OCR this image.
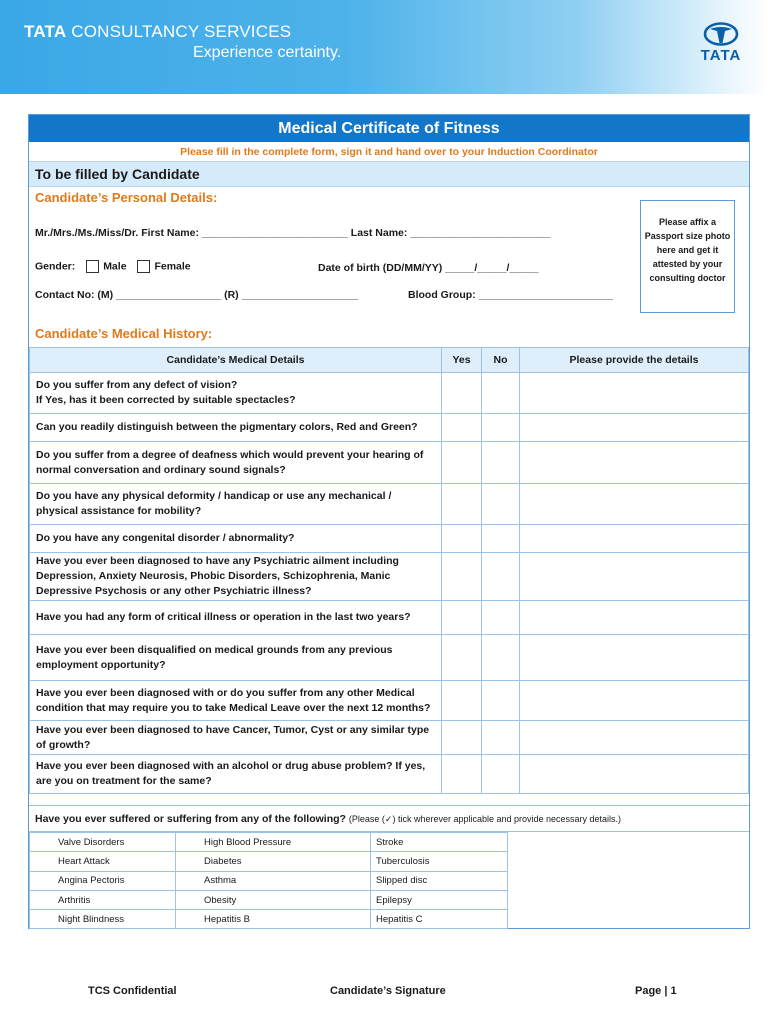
TATA CONSULTANCY SERVICES
Experience certainty.	TATA
Medical Certificate of Fitness
Please fill in the complete form, sign it and hand over to your Induction Coordinator
To be filled by Candidate
Candidate’s Personal Details:
Mr./Mrs./Ms./Miss/Dr. First Name: _________________________ Last Name: ________________________
Gender:	Male	Female	Date of birth (DD/MM/YY) _____/_____/_____
Contact No: (M) __________________ (R) ____________________	Blood Group: _______________________
Please affix a Passport size photo here and get it attested by your consulting doctor
Candidate’s Medical History:
Candidate’s Medical Details	Yes	No	Please provide the details
Do you suffer from any defect of vision?
If Yes, has it been corrected by suitable spectacles?			
Can you readily distinguish between the pigmentary colors, Red and Green?			
Do you suffer from a degree of deafness which would prevent your hearing of normal conversation and ordinary sound signals?			
Do you have any physical deformity / handicap or use any mechanical / physical assistance for mobility?			
Do you have any congenital disorder / abnormality?			
Have you ever been diagnosed to have any Psychiatric ailment including Depression, Anxiety Neurosis, Phobic Disorders, Schizophrenia, Manic Depressive Psychosis or any other Psychiatric illness?			
Have you had any form of critical illness or operation in the last two years?			
Have you ever been disqualified on medical grounds from any previous employment opportunity?			
Have you ever been diagnosed with or do you suffer from any other Medical condition that may require you to take Medical Leave over the next 12 months?			
Have you ever been diagnosed to have Cancer, Tumor, Cyst or any similar type of growth?			
Have you ever been diagnosed with an alcohol or drug abuse problem? If yes, are you on treatment for the same?			
Have you ever suffered or suffering from any of the following? (Please (✓) tick wherever applicable and provide necessary details.)
Valve Disorders	High Blood Pressure	Stroke
Heart Attack	Diabetes	Tuberculosis
Angina Pectoris	Asthma	Slipped disc
Arthritis	Obesity	Epilepsy
Night Blindness	Hepatitis B	Hepatitis C
TCS Confidential	Candidate’s Signature	Page | 1
